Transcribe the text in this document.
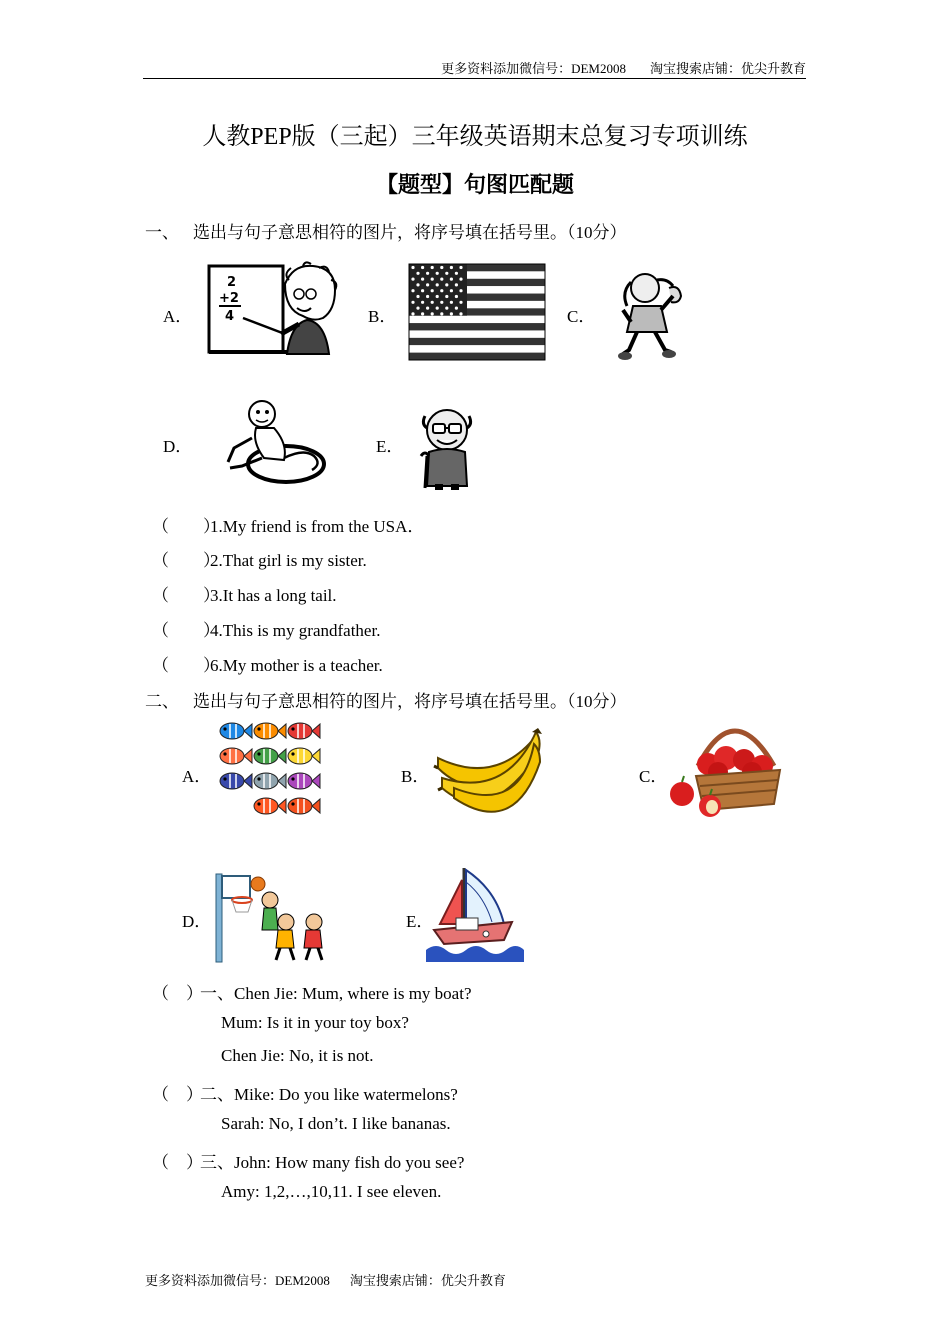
更多资料添加微信号：DEM2008 淘宝搜索店铺：优尖升教育
人教PEP版（三起）三年级英语期末总复习专项训练
【题型】句图匹配题
一、 选出与句子意思相符的图片，将序号填在括号里。（10分）
A．	B．	C．
D．	E．
2
+2
4
（　　）1.My friend is from the USA．
（　　）2.That girl is my sister.
（　　）3.It has a long tail.
（　　）4.This is my grandfather.
（　　）6.My mother is a teacher.
二、 选出与句子意思相符的图片，将序号填在括号里。（10分）
A．	B．	C．
D．	E．
（　）一、Chen Jie: Mum, where is my boat?
Mum: Is it in your toy box?
Chen Jie: No, it is not.
（　）二、Mike: Do you like watermelons?
Sarah: No, I don’t. I like bananas.
（　）三、John: How many fish do you see?
Amy: 1,2,…,10,11. I see eleven.
更多资料添加微信号：DEM2008 淘宝搜索店铺：优尖升教育
